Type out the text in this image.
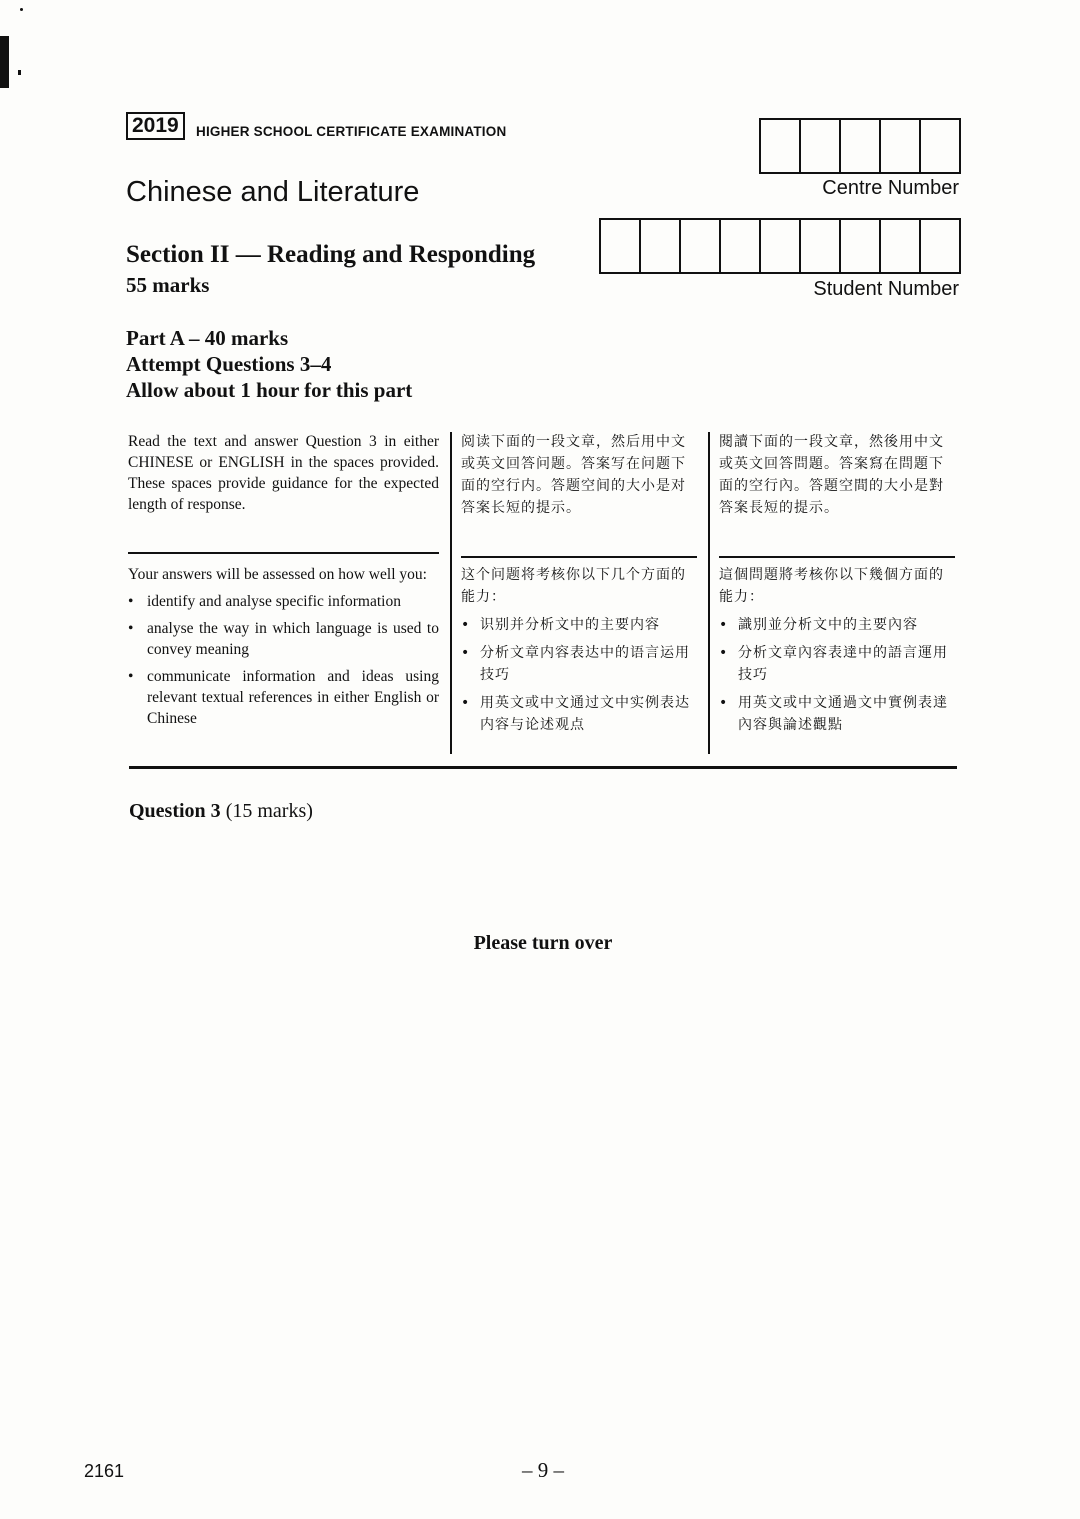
2019	HIGHER SCHOOL CERTIFICATE EXAMINATION
Chinese and Literature
Section II — Reading and Responding
55 marks
Part A – 40 marks
Attempt Questions 3–4
Allow about 1 hour for this part
Centre Number
Student Number
Read the text and answer Question 3 in either CHINESE or ENGLISH in the spaces provided. These spaces provide guidance for the expected length of response.
阅读下面的一段文章，然后用中文或英文回答问题。答案写在问题下面的空行内。答题空间的大小是对答案长短的提示。
閱讀下面的一段文章，然後用中文或英文回答問題。答案寫在問題下面的空行內。答題空間的大小是對答案長短的提示。
Your answers will be assessed on how well you:
• identify and analyse specific information
• analyse the way in which language is used to convey meaning
• communicate information and ideas using relevant textual references in either English or Chinese
这个问题将考核你以下几个方面的能力：
• 识别并分析文中的主要内容
• 分析文章内容表达中的语言运用技巧
• 用英文或中文通过文中实例表达内容与论述观点
這個問題將考核你以下幾個方面的能力：
• 識別並分析文中的主要內容
• 分析文章內容表達中的語言運用技巧
• 用英文或中文通過文中實例表達內容與論述觀點
Question 3 (15 marks)
Please turn over
2161	– 9 –
